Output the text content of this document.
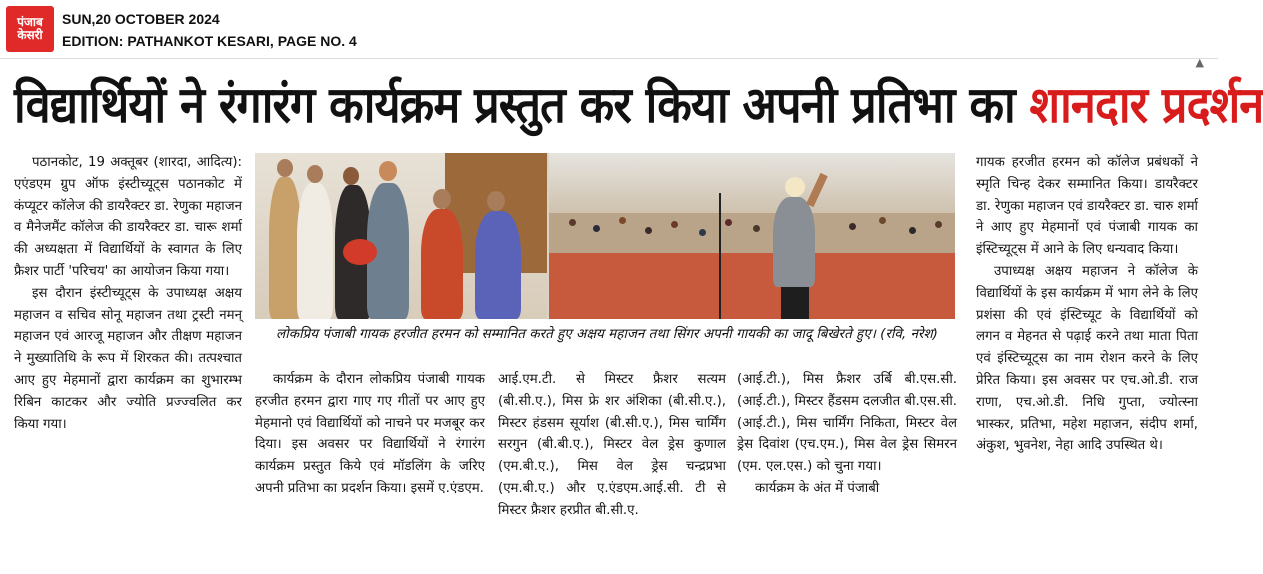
पंजाब
केसरी
SUN,20 OCTOBER 2024
EDITION: PATHANKOT KESARI, PAGE NO. 4
▲
विद्यार्थियों ने रंगारंग कार्यक्रम प्रस्तुत कर किया अपनी प्रतिभा का शानदार प्रदर्शन

पठानकोट, 19 अक्तूबर (शारदा, आदित्य): एएंडएम ग्रुप ऑफ इंस्टीच्यूट्स पठानकोट में कंप्यूटर कॉलेज की डायरैक्टर डा. रेणुका महाजन व मैनेजमैंट कॉलेज की डायरैक्टर डा. चारू शर्मा की अध्यक्षता में विद्यार्थियों के स्वागत के लिए फ्रैशर पार्टी 'परिचय' का आयोजन किया गया।

इस दौरान इंस्टीच्यूट्स के उपाध्यक्ष अक्षय महाजन व सचिव सोनू महाजन तथा ट्रस्टी नमन् महाजन एवं आरजू महाजन और तीक्षण महाजन ने मुख्यातिथि के रूप में शिरकत की। तत्पश्चात आए हुए मेहमानों द्वारा कार्यक्रम का शुभारम्भ रिबिन काटकर और ज्योति प्रज्ज्वलित कर किया गया।

लोकप्रिय पंजाबी गायक हरजीत हरमन को सम्मानित करते हुए अक्षय महाजन तथा सिंगर अपनी गायकी का जादू बिखेरते हुए। (रवि, नरेश)

कार्यक्रम के दौरान लोकप्रिय पंजाबी गायक हरजीत हरमन द्वारा गाए गए गीतों पर आए हुए मेहमानो एवं विद्यार्थियों को नाचने पर मजबूर कर दिया। इस अवसर पर विद्यार्थियों ने रंगारंग कार्यक्रम प्रस्तुत किये एवं मॉडलिंग के जरिए अपनी प्रतिभा का प्रदर्शन किया। इसमें ए.एंडएम.

आई.एम.टी. से मिस्टर फ्रैशर सत्यम (बी.सी.ए.), मिस फ्रे शर अंशिका (बी.सी.ए.), मिस्टर हंडसम सूर्याश (बी.सी.ए.), मिस चार्मिंग सरगुन (बी.बी.ए.), मिस्टर वेल ड्रेस कुणाल (एम.बी.ए.), मिस वेल ड्रेस चन्द्रप्रभा (एम.बी.ए.) और ए.एंडएम.आई.सी. टी से मिस्टर फ्रैशर हरप्रीत बी.सी.ए.

(आई.टी.), मिस फ्रैशर उर्बि बी.एस.सी. (आई.टी.), मिस्टर हैंडसम दलजीत बी.एस.सी. (आई.टी.), मिस चार्मिंग निकिता, मिस्टर वेल ड्रेस दिवांश (एच.एम.), मिस वेल ड्रेस सिमरन (एम. एल.एस.) को चुना गया।

कार्यक्रम के अंत में पंजाबी

गायक हरजीत हरमन को कॉलेज प्रबंधकों ने स्मृति चिन्ह देकर सम्मानित किया। डायरैक्टर डा. रेणुका महाजन एवं डायरैक्टर डा. चारु शर्मा ने आए हुए मेहमानों एवं पंजाबी गायक का इंस्टिच्यूट्स में आने के लिए धन्यवाद किया।

उपाध्यक्ष अक्षय महाजन ने कॉलेज के विद्यार्थियों के इस कार्यक्रम में भाग लेने के लिए प्रशंसा की एवं इंस्टिच्यूट के विद्यार्थियों को लगन व मेहनत से पढ़ाई करने तथा माता पिता एवं इंस्टिच्यूट्स का नाम रोशन करने के लिए प्रेरित किया। इस अवसर पर एच.ओ.डी. राज राणा, एच.ओ.डी. निधि गुप्ता, ज्योत्स्ना भास्कर, प्रतिभा, महेश महाजन, संदीप शर्मा, अंकुश, भुवनेश, नेहा आदि उपस्थित थे।
